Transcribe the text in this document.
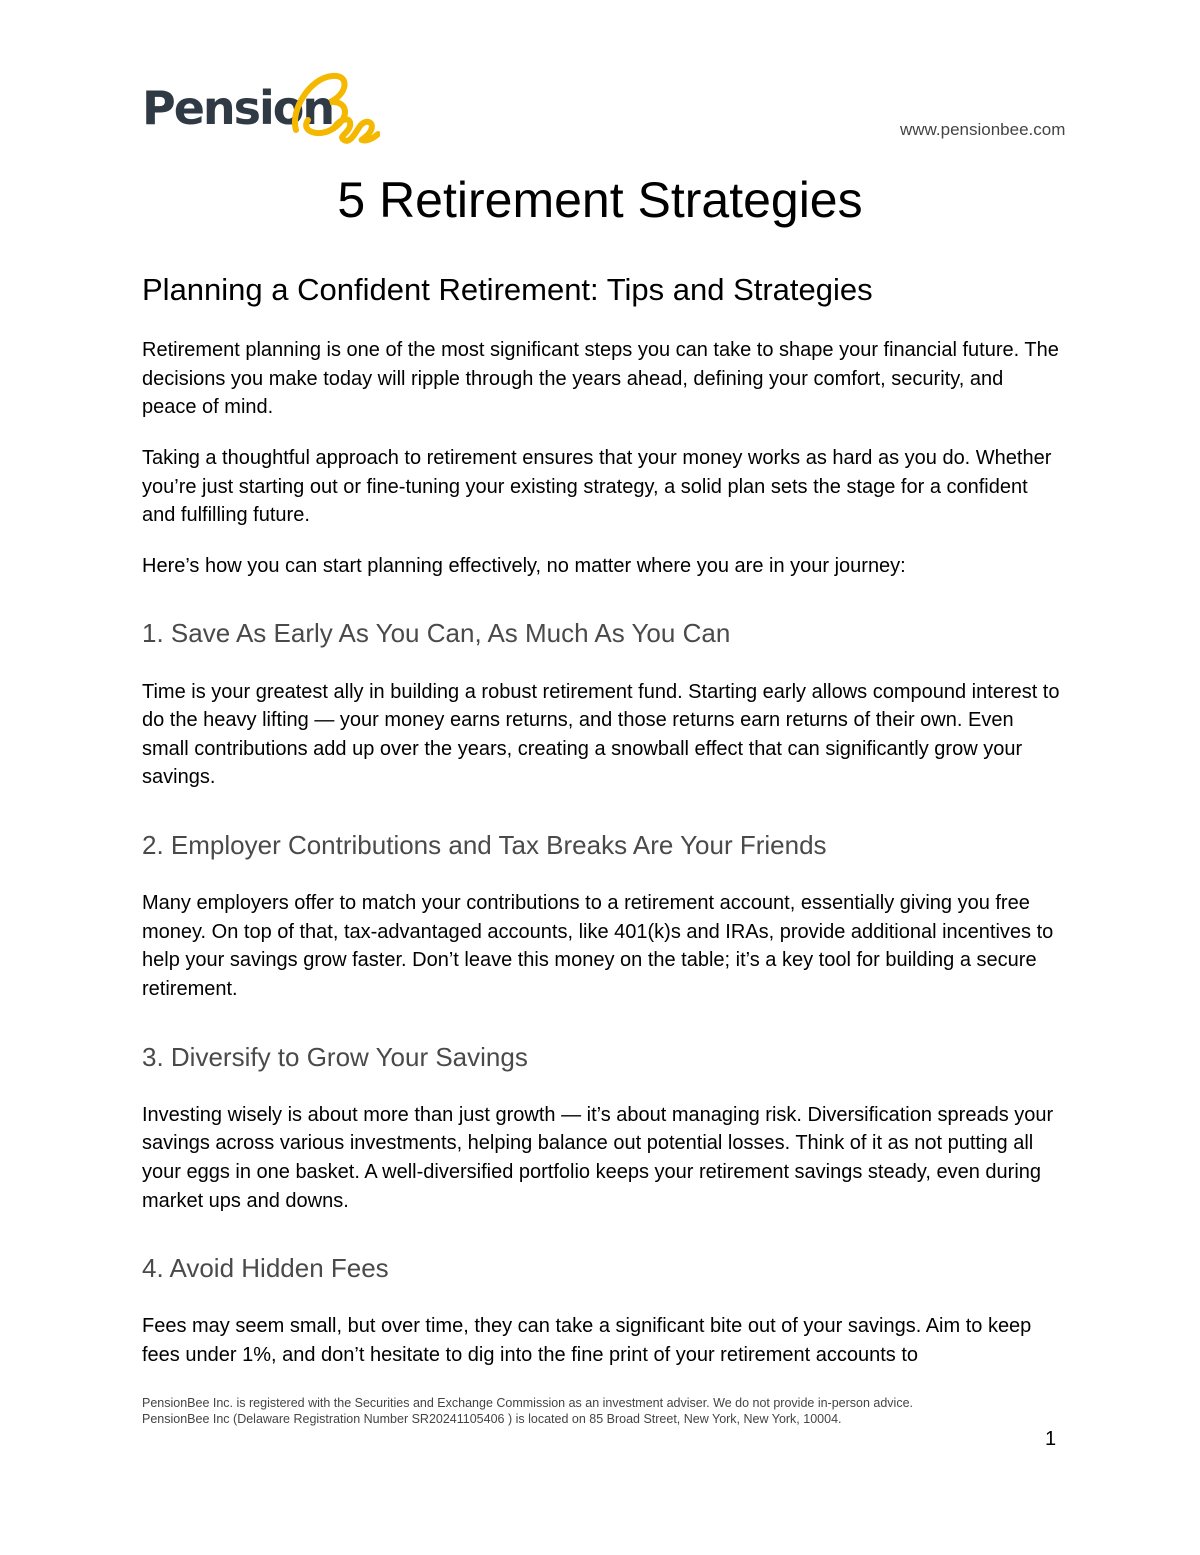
Pension	www.pensionbee.com
5 Retirement Strategies
Planning a Confident Retirement: Tips and Strategies

Retirement planning is one of the most significant steps you can take to shape your financial future. The decisions you make today will ripple through the years ahead, defining your comfort, security, and peace of mind.

Taking a thoughtful approach to retirement ensures that your money works as hard as you do. Whether you’re just starting out or fine-tuning your existing strategy, a solid plan sets the stage for a confident and fulfilling future.

Here’s how you can start planning effectively, no matter where you are in your journey:

1. Save As Early As You Can, As Much As You Can

Time is your greatest ally in building a robust retirement fund. Starting early allows compound interest to do the heavy lifting — your money earns returns, and those returns earn returns of their own. Even small contributions add up over the years, creating a snowball effect that can significantly grow your savings.

2. Employer Contributions and Tax Breaks Are Your Friends

Many employers offer to match your contributions to a retirement account, essentially giving you free money. On top of that, tax-advantaged accounts, like 401(k)s and IRAs, provide additional incentives to help your savings grow faster. Don’t leave this money on the table; it’s a key tool for building a secure retirement.

3. Diversify to Grow Your Savings

Investing wisely is about more than just growth — it’s about managing risk. Diversification spreads your savings across various investments, helping balance out potential losses. Think of it as not putting all your eggs in one basket. A well-diversified portfolio keeps your retirement savings steady, even during market ups and downs.

4. Avoid Hidden Fees

Fees may seem small, but over time, they can take a significant bite out of your savings. Aim to keep fees under 1%, and don’t hesitate to dig into the fine print of your retirement accounts to

PensionBee Inc. is registered with the Securities and Exchange Commission as an investment adviser. We do not provide in-person advice.
PensionBee Inc (Delaware Registration Number SR20241105406 ) is located on 85 Broad Street, New York, New York, 10004.
1
